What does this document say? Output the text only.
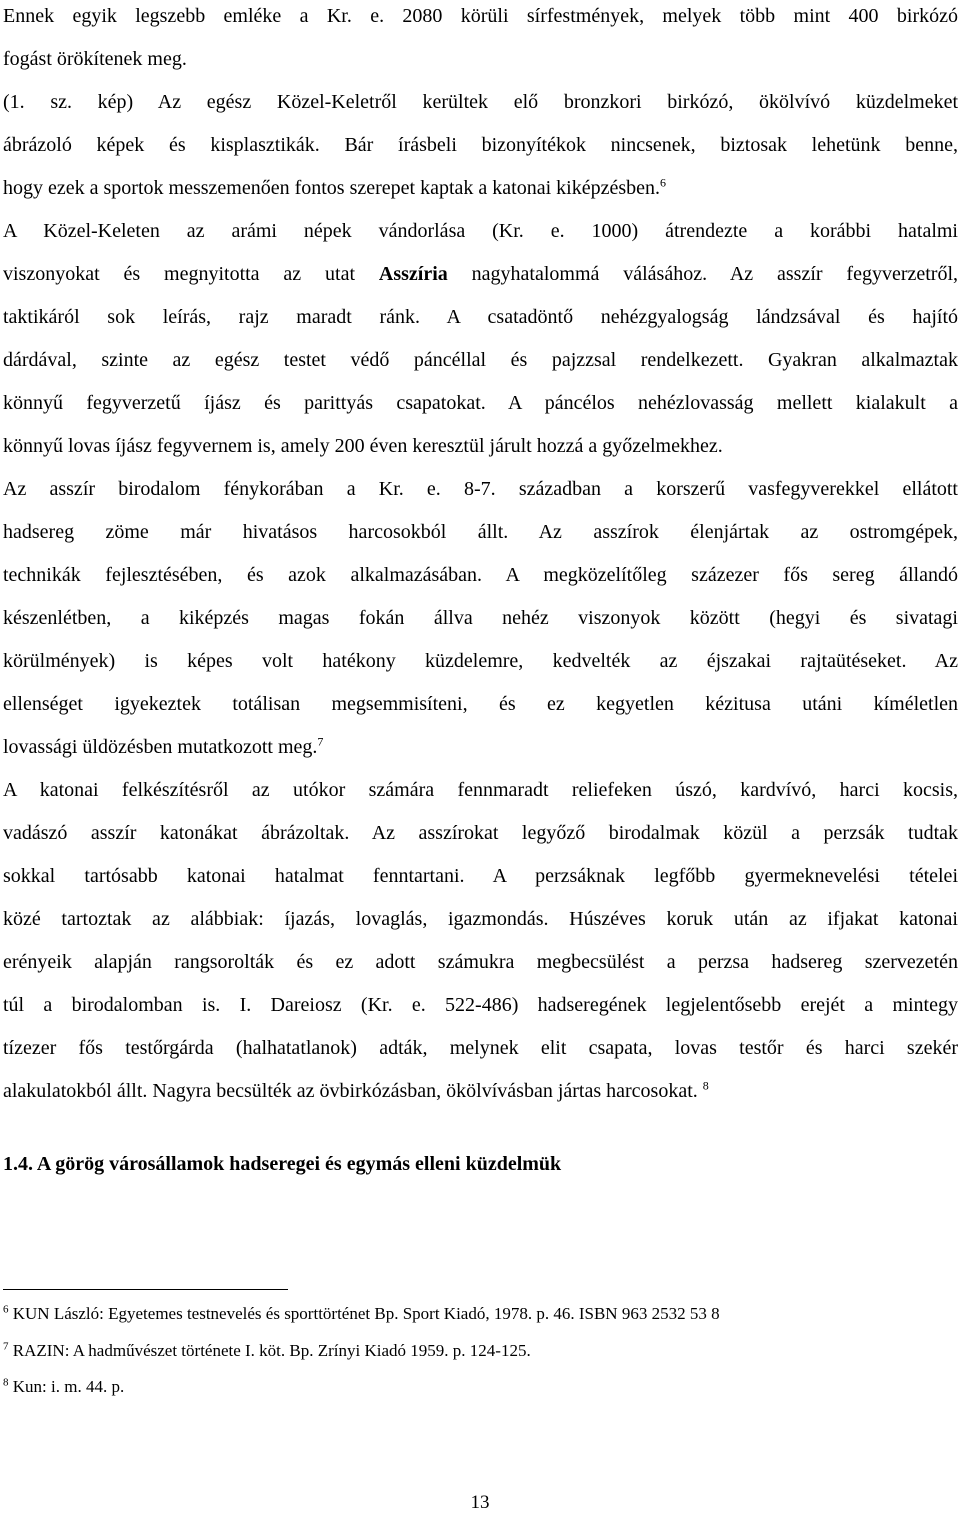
Ennek egyik legszebb emléke a Kr. e. 2080 körüli sírfestmények, melyek több mint 400 birkózó
fogást örökítenek meg.
(1. sz. kép) Az egész Közel-Keletről kerültek elő bronzkori birkózó, ökölvívó küzdelmeket
ábrázoló képek és kisplasztikák. Bár írásbeli bizonyítékok nincsenek, biztosak lehetünk benne,
hogy ezek a sportok messzemenően fontos szerepet kaptak a katonai kiképzésben.$^6$
A Közel-Keleten az arámi népek vándorlása (Kr. e. 1000) átrendezte a korábbi hatalmi
viszonyokat és megnyitotta az utat Asszíria nagyhatalommá válásához. Az asszír fegyverzetről,
taktikáról sok leírás, rajz maradt ránk. A csatadöntő nehézgyalogság lándzsával és hajító
dárdával, szinte az egész testet védő páncéllal és pajzzsal rendelkezett. Gyakran alkalmaztak
könnyű fegyverzetű íjász és parittyás csapatokat. A páncélos nehézlovasság mellett kialakult a
könnyű lovas íjász fegyvernem is, amely 200 éven keresztül járult hozzá a győzelmekhez.
Az asszír birodalom fénykorában a Kr. e. 8-7. században a korszerű vasfegyverekkel ellátott
hadsereg zöme már hivatásos harcosokból állt. Az asszírok élenjártak az ostromgépek,
technikák fejlesztésében, és azok alkalmazásában. A megközelítőleg százezer fős sereg állandó
készenlétben, a kiképzés magas fokán állva nehéz viszonyok között (hegyi és sivatagi
körülmények) is képes volt hatékony küzdelemre, kedvelték az éjszakai rajtaütéseket. Az
ellenséget igyekeztek totálisan megsemmisíteni, és ez kegyetlen kézitusa utáni kíméletlen
lovassági üldözésben mutatkozott meg.$^7$
A katonai felkészítésről az utókor számára fennmaradt reliefeken úszó, kardvívó, harci kocsis,
vadászó asszír katonákat ábrázoltak. Az asszírokat legyőző birodalmak közül a perzsák tudtak
sokkal tartósabb katonai hatalmat fenntartani. A perzsáknak legfőbb gyermeknevelési tételei
közé tartoztak az alábbiak: íjazás, lovaglás, igazmondás. Húszéves koruk után az ifjakat katonai
erényeik alapján rangsorolták és ez adott számukra megbecsülést a perzsa hadsereg szervezetén
túl a birodalomban is. I. Dareiosz (Kr. e. 522-486) hadseregének legjelentősebb erejét a mintegy
tízezer fős testőrgárda (halhatatlanok) adták, melynek elit csapata, lovas testőr és harci szekér
alakulatokból állt. Nagyra becsülték az övbirkózásban, ökölvívásban jártas harcosokat. $^8$
1.4. A görög városállamok hadseregei és egymás elleni küzdelmük
$^6$ KUN László: Egyetemes testnevelés és sporttörténet Bp. Sport Kiadó, 1978. p. 46. ISBN 963 2532 53 8
$^7$ RAZIN: A hadművészet története I. köt. Bp. Zrínyi Kiadó 1959. p. 124-125.
$^8$ Kun: i. m. 44. p.
13
